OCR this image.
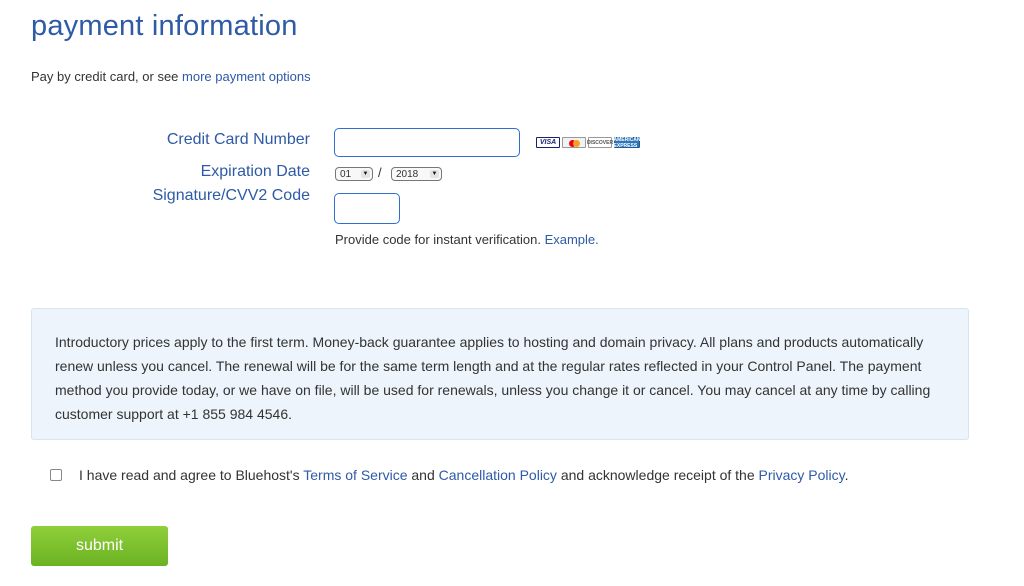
payment information
Pay by credit card, or see more payment options
Credit Card Number	VISA	DISCOVER AMERICAN EXPRESS
Expiration Date	01 ▼ / 2018 ▼
Signature/CVV2 Code
Provide code for instant verification. Example.
Introductory prices apply to the first term. Money-back guarantee applies to hosting and domain privacy. All plans and products automatically renew unless you cancel. The renewal will be for the same term length and at the regular rates reflected in your Control Panel. The payment method you provide today, or we have on file, will be used for renewals, unless you change it or cancel. You may cancel at any time by calling customer support at +1 855 984 4546.
I have read and agree to Bluehost's Terms of Service and Cancellation Policy and acknowledge receipt of the Privacy Policy.
submit
